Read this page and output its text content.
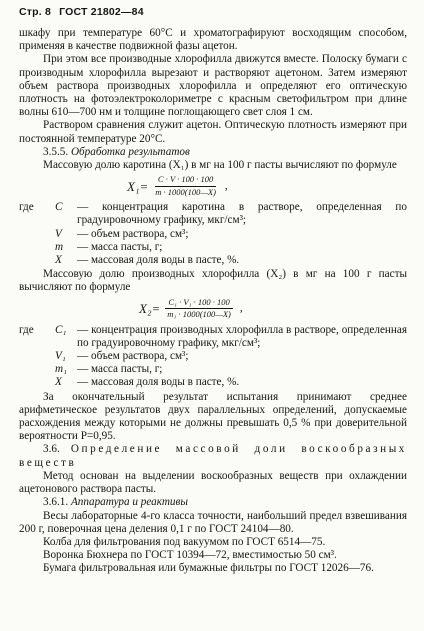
Стр. 8 ГОСТ 21802—84

шкафу при температуре 60°С и хроматографируют восходящим способом, применяя в качестве подвижной фазы ацетон.

При этом все производные хлорофилла движутся вместе. Полоску бумаги с производным хлорофилла вырезают и растворяют ацетоном. Затем измеряют объем раствора производных хлорофилла и определяют его оптическую плотность на фотоэлектроколориметре с красным светофильтром при длине волны 610—700 нм и толщине поглощающего свет слоя 1 см.

Раствором сравнения служит ацетон. Оптическую плотность измеряют при постоянной температуре 20°С.

3.5.5. Обработка результатов

Массовую долю каротина (X₁) в мг на 100 г пасты вычисляют по формуле

$X_1= \frac{C \cdot V \cdot 100 \cdot 100}{m \cdot 1000(100—X)}$ ,
где	C	— концентрация каротина в растворе, определенная по градуировочному графику, мкг/см³;
V	— объем раствора, см³;
m	— масса пасты, г;
X	— массовая доля воды в пасте, %.

Массовую долю производных хлорофилла (X₂) в мг на 100 г пасты вычисляют по формуле

$X_2= \frac{\text{C₁ · V₁ · 100 · 100}}{\text{m₁ · 1000(100—X)}}$ ,
где	C₁ — концентрация производных хлорофилла в растворе, определенная по градуировочному графику, мкг/см³;
V₁	— объем раствора, см³;
m₁ — масса пасты, г;
X	— массовая доля воды в пасте, %.

За окончательный результат испытания принимают среднее арифметическое результатов двух параллельных определений, допускаемые расхождения между которыми не должны превышать 0,5 % при доверительной вероятности P=0,95.

3.6. Определение массовой доли воскообразных веществ

Метод основан на выделении воскообразных веществ при охлаждении ацетонового раствора пасты.

3.6.1. Аппаратура и реактивы

Весы лабораторные 4-го класса точности, наибольший предел взвешивания 200 г, поверочная цена деления 0,1 г по ГОСТ 24104—80.

Колба для фильтрования под вакуумом по ГОСТ 6514—75.

Воронка Бюхнера по ГОСТ 10394—72, вместимостью 50 см³.

Бумага фильтровальная или бумажные фильтры по ГОСТ 12026—76.
